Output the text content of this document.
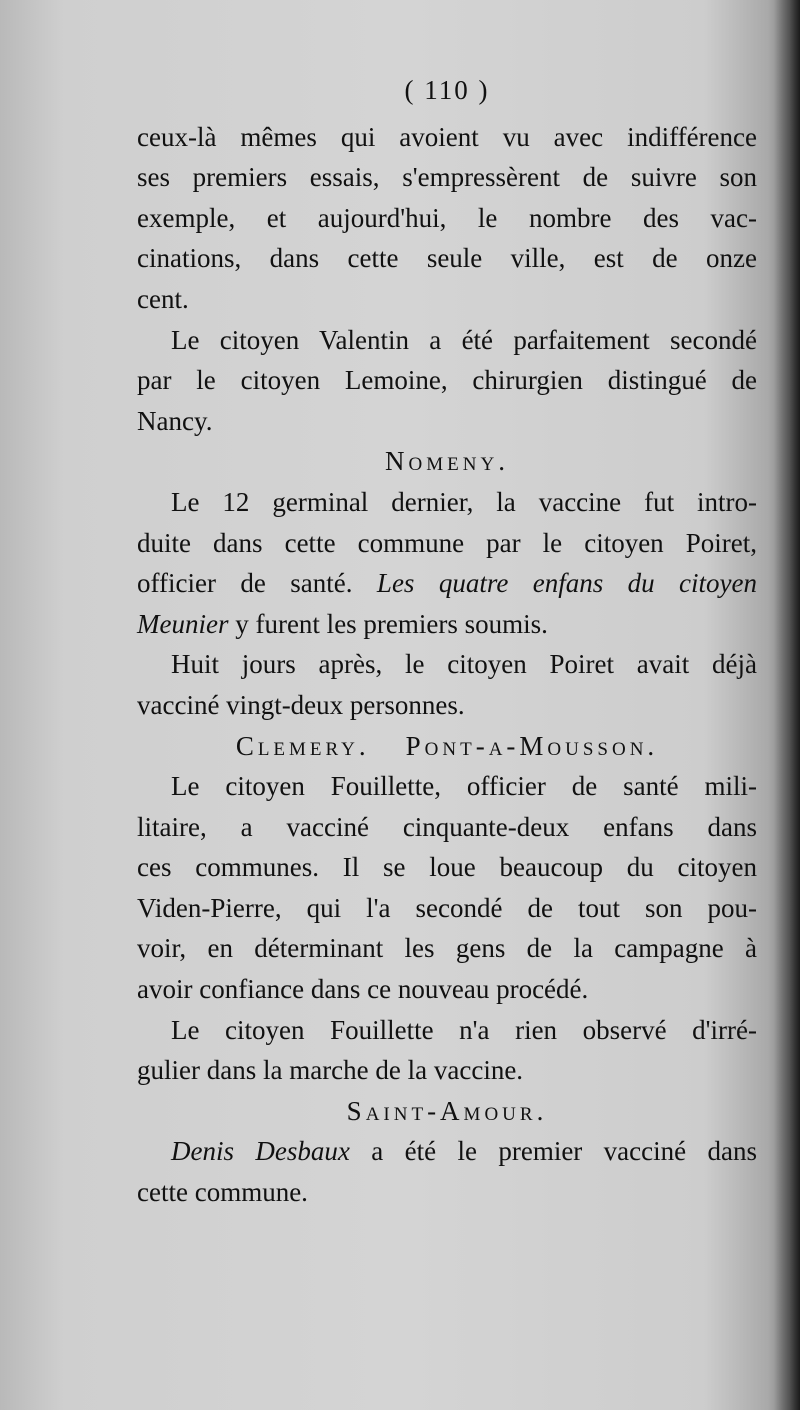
( 110 )
ceux-là mêmes qui avoient vu avec indifférence
ses premiers essais, s'empressèrent de suivre son
exemple, et aujourd'hui, le nombre des vac-
cinations, dans cette seule ville, est de onze
cent.
Le citoyen Valentin a été parfaitement secondé
par le citoyen Lemoine, chirurgien distingué de
Nancy.
Nomeny.
Le 12 germinal dernier, la vaccine fut intro-
duite dans cette commune par le citoyen Poiret,
officier de santé. Les quatre enfans du citoyen
Meunier y furent les premiers soumis.
Huit jours après, le citoyen Poiret avait déjà
vacciné vingt-deux personnes.
Clemery. Pont-a-Mousson.
Le citoyen Fouillette, officier de santé mili-
litaire, a vacciné cinquante-deux enfans dans
ces communes. Il se loue beaucoup du citoyen
Viden-Pierre, qui l'a secondé de tout son pou-
voir, en déterminant les gens de la campagne à
avoir confiance dans ce nouveau procédé.
Le citoyen Fouillette n'a rien observé d'irré-
gulier dans la marche de la vaccine.
Saint-Amour.
Denis Desbaux a été le premier vacciné dans
cette commune.
